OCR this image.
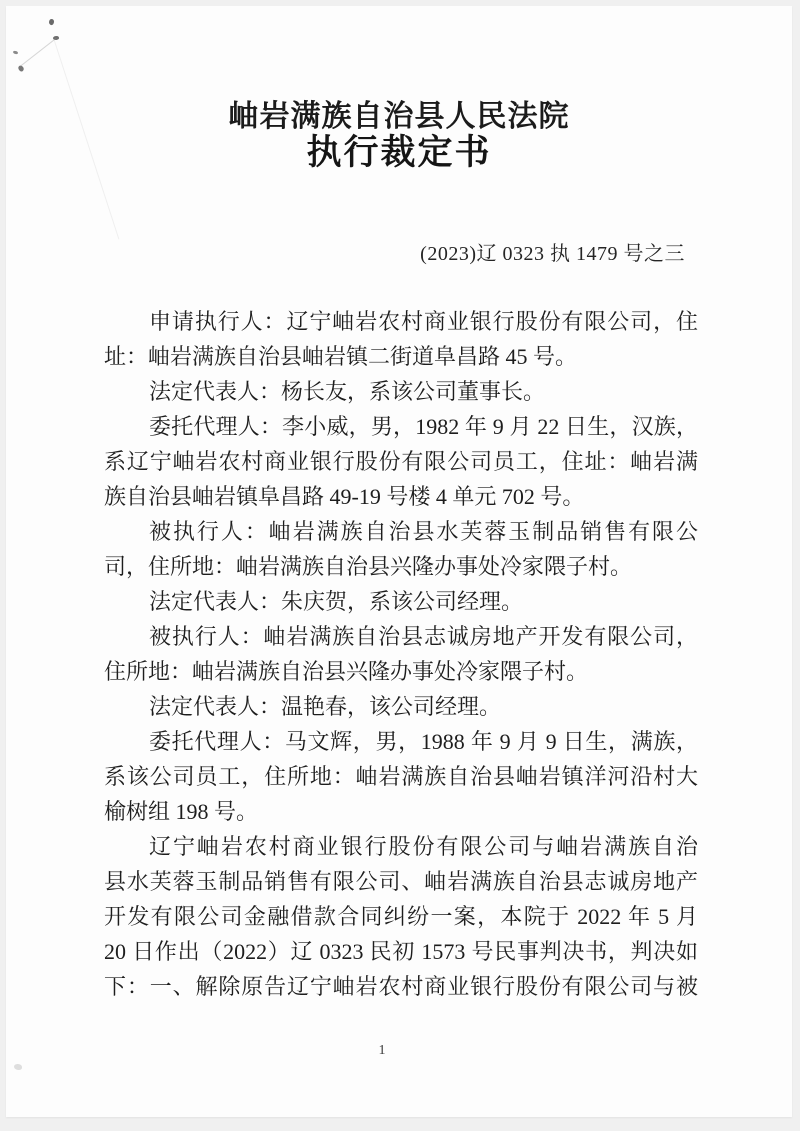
岫岩满族自治县人民法院
执行裁定书
(2023)辽 0323 执 1479 号之三
申请执行人：辽宁岫岩农村商业银行股份有限公司，住
址：岫岩满族自治县岫岩镇二街道阜昌路 45 号。
法定代表人：杨长友，系该公司董事长。
委托代理人：李小威，男，1982 年 9 月 22 日生，汉族，
系辽宁岫岩农村商业银行股份有限公司员工，住址：岫岩满
族自治县岫岩镇阜昌路 49-19 号楼 4 单元 702 号。
被执行人：岫岩满族自治县水芙蓉玉制品销售有限公
司，住所地：岫岩满族自治县兴隆办事处冷家隈子村。
法定代表人：朱庆贺，系该公司经理。
被执行人：岫岩满族自治县志诚房地产开发有限公司，
住所地：岫岩满族自治县兴隆办事处冷家隈子村。
法定代表人：温艳春，该公司经理。
委托代理人：马文辉，男，1988 年 9 月 9 日生，满族，
系该公司员工，住所地：岫岩满族自治县岫岩镇洋河沿村大
榆树组 198 号。
辽宁岫岩农村商业银行股份有限公司与岫岩满族自治
县水芙蓉玉制品销售有限公司、岫岩满族自治县志诚房地产
开发有限公司金融借款合同纠纷一案，本院于 2022 年 5 月
20 日作出（2022）辽 0323 民初 1573 号民事判决书，判决如
下：一、解除原告辽宁岫岩农村商业银行股份有限公司与被
1
